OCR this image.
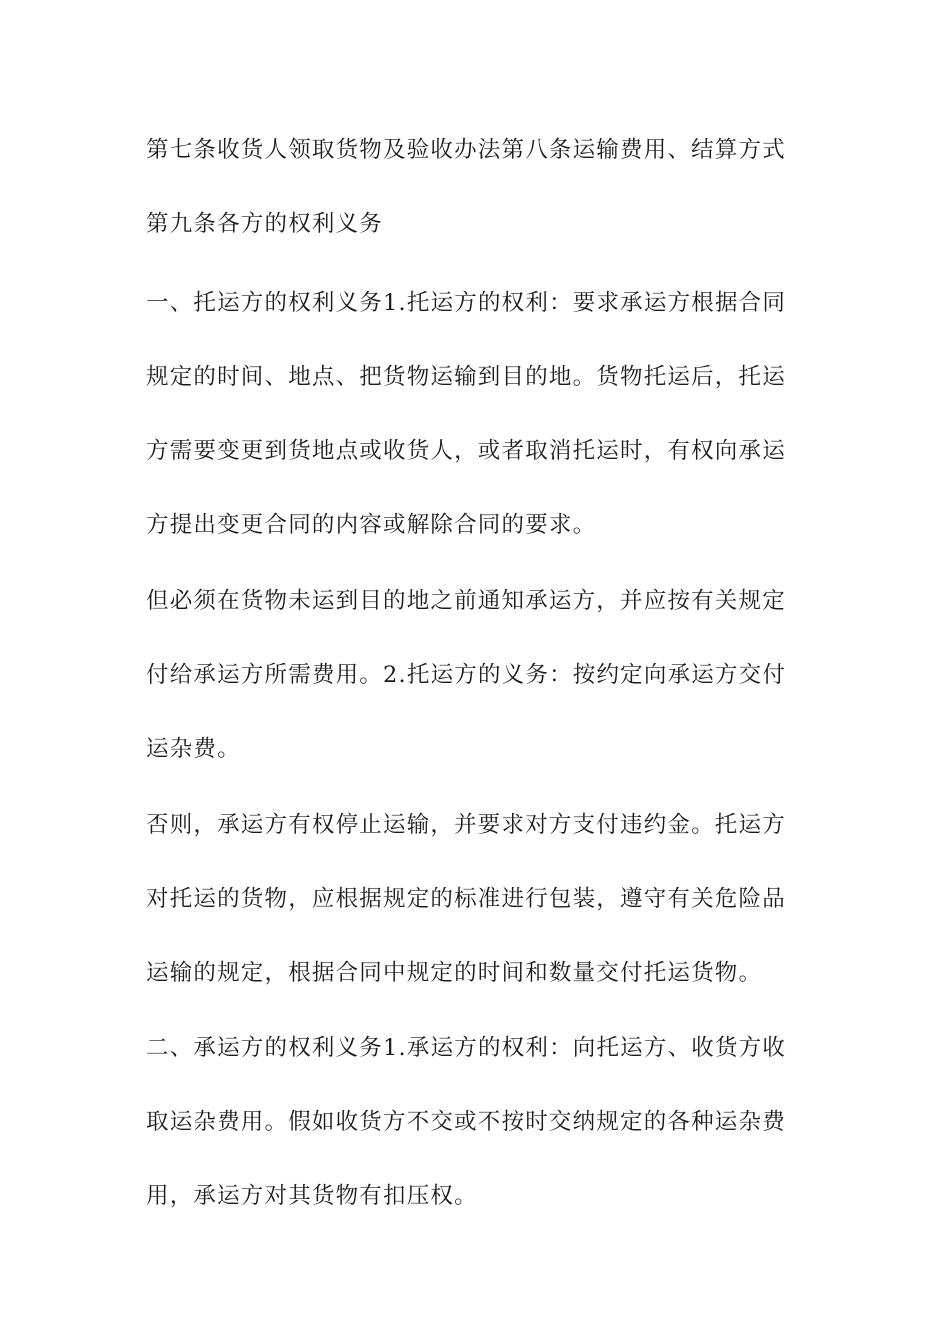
第七条收货人领取货物及验收办法第八条运输费用、结算方式
第九条各方的权利义务
一、托运方的权利义务1.托运方的权利：要求承运方根据合同
规定的时间、地点、把货物运输到目的地。货物托运后，托运
方需要变更到货地点或收货人，或者取消托运时，有权向承运
方提出变更合同的内容或解除合同的要求。
但必须在货物未运到目的地之前通知承运方，并应按有关规定
付给承运方所需费用。2.托运方的义务：按约定向承运方交付
运杂费。
否则，承运方有权停止运输，并要求对方支付违约金。托运方
对托运的货物，应根据规定的标准进行包装，遵守有关危险品
运输的规定，根据合同中规定的时间和数量交付托运货物。
二、承运方的权利义务1.承运方的权利：向托运方、收货方收
取运杂费用。假如收货方不交或不按时交纳规定的各种运杂费
用，承运方对其货物有扣压权。
